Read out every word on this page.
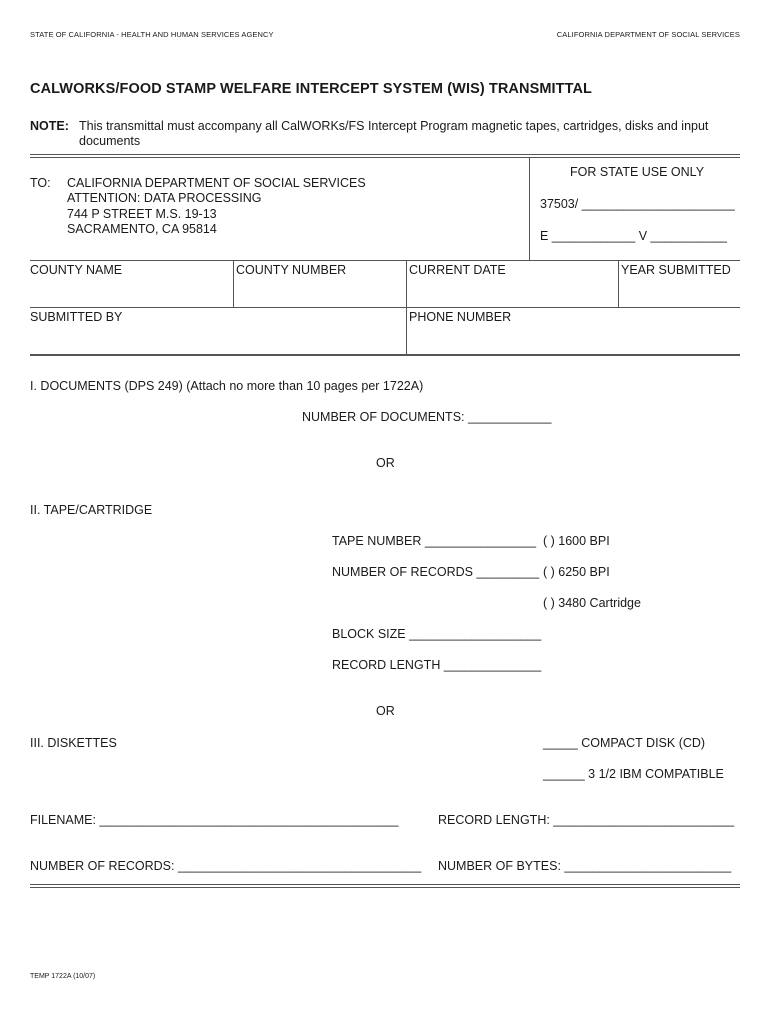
STATE OF CALIFORNIA - HEALTH AND HUMAN SERVICES AGENCY	CALIFORNIA DEPARTMENT OF SOCIAL SERVICES
CALWORKS/FOOD STAMP WELFARE INTERCEPT SYSTEM (WIS) TRANSMITTAL
NOTE: This transmittal must accompany all CalWORKs/FS Intercept Program magnetic tapes, cartridges, disks and input
documents
TO: CALIFORNIA DEPARTMENT OF SOCIAL SERVICES
ATTENTION: DATA PROCESSING
744 P STREET M.S. 19-13
SACRAMENTO, CA 95814
FOR STATE USE ONLY
37503/ ______________________
E ____________ V ___________
COUNTY NAME	COUNTY NUMBER	CURRENT DATE	YEAR SUBMITTED
SUBMITTED BY	PHONE NUMBER
I. DOCUMENTS (DPS 249) (Attach no more than 10 pages per 1722A)
NUMBER OF DOCUMENTS: ____________
OR
II. TAPE/CARTRIDGE
TAPE NUMBER ________________ ( ) 1600 BPI
NUMBER OF RECORDS _________ ( ) 6250 BPI
( ) 3480 Cartridge
BLOCK SIZE ___________________
RECORD LENGTH ______________
OR
III. DISKETTES	_____ COMPACT DISK (CD)
______ 3 1/2 IBM COMPATIBLE
FILENAME: ___________________________________________	RECORD LENGTH: __________________________
NUMBER OF RECORDS: ___________________________________ NUMBER OF BYTES: ________________________
TEMP 1722A (10/07)
